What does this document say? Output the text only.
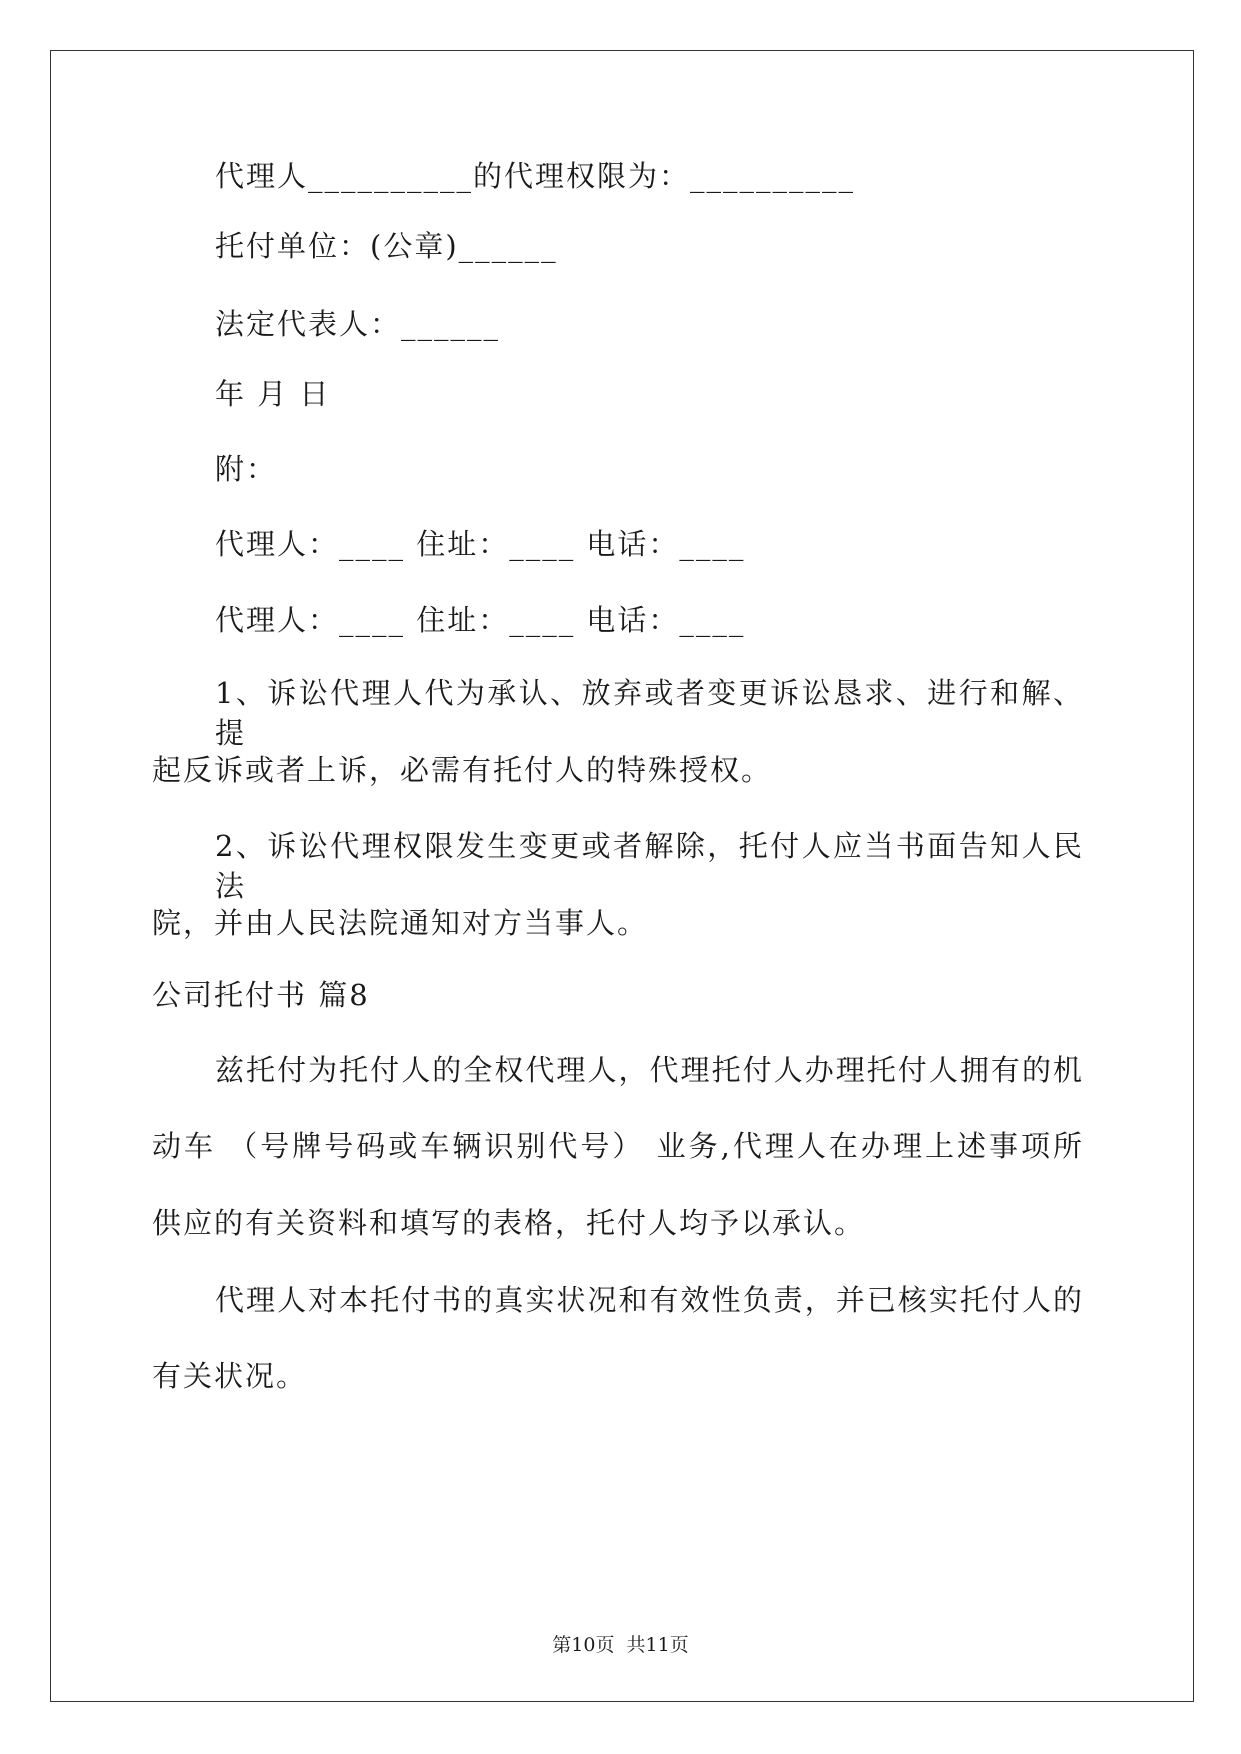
代理人__________的代理权限为：__________
托付单位：(公章)______
法定代表人：______
年 月 日
附：
代理人：____ 住址：____ 电话：____
代理人：____ 住址：____ 电话：____
1、诉讼代理人代为承认、放弃或者变更诉讼恳求、进行和解、提
起反诉或者上诉，必需有托付人的特殊授权。
2、诉讼代理权限发生变更或者解除，托付人应当书面告知人民法
院，并由人民法院通知对方当事人。
公司托付书 篇8
兹托付为托付人的全权代理人，代理托付人办理托付人拥有的机
动车 （号牌号码或车辆识别代号） 业务,代理人在办理上述事项所
供应的有关资料和填写的表格，托付人均予以承认。
代理人对本托付书的真实状况和有效性负责，并已核实托付人的
有关状况。
第10页  共11页
